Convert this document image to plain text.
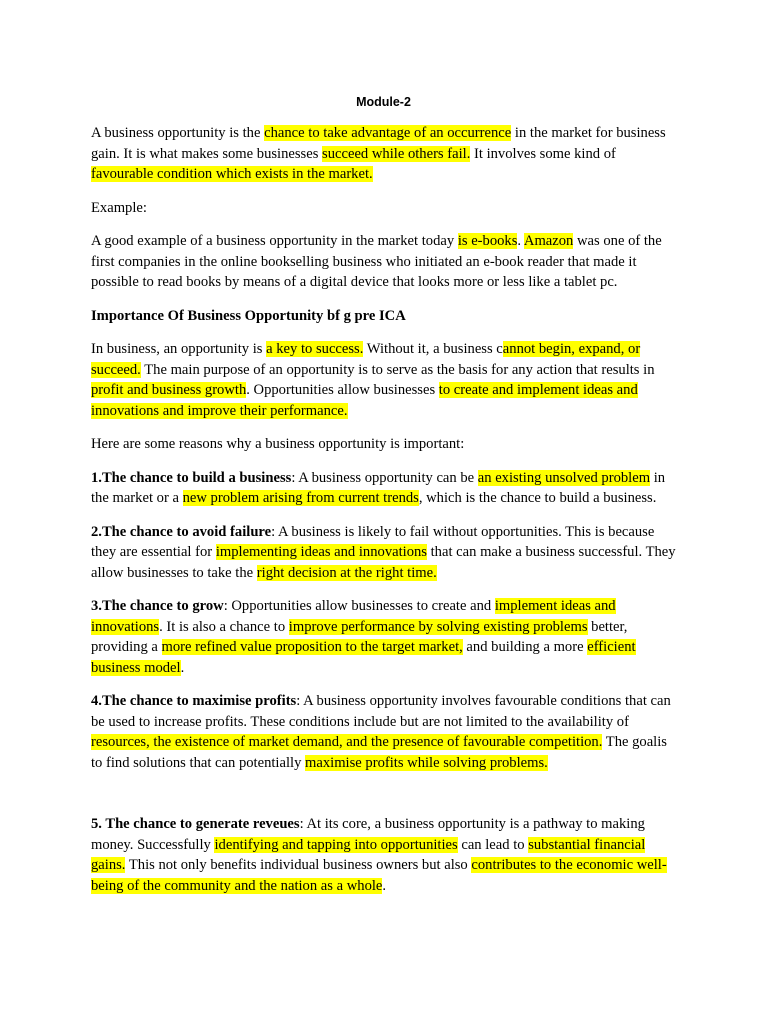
Module-2

A business opportunity is the chance to take advantage of an occurrence in the market for business gain. It is what makes some businesses succeed while others fail. It involves some kind of favourable condition which exists in the market.

Example:

A good example of a business opportunity in the market today is e-books. Amazon was one of the first companies in the online bookselling business who initiated an e-book reader that made it possible to read books by means of a digital device that looks more or less like a tablet pc.

Importance Of Business Opportunity bf g pre ICA

In business, an opportunity is a key to success. Without it, a business cannot begin, expand, or succeed. The main purpose of an opportunity is to serve as the basis for any action that results in profit and business growth. Opportunities allow businesses to create and implement ideas and innovations and improve their performance.

Here are some reasons why a business opportunity is important:

1.The chance to build a business: A business opportunity can be an existing unsolved problem in the market or a new problem arising from current trends, which is the chance to build a business.

2.The chance to avoid failure: A business is likely to fail without opportunities. This is because they are essential for implementing ideas and innovations that can make a business successful. They allow businesses to take the right decision at the right time.

3.The chance to grow: Opportunities allow businesses to create and implement ideas and innovations. It is also a chance to improve performance by solving existing problems better, providing a more refined value proposition to the target market, and building a more efficient business model.

4.The chance to maximise profits: A business opportunity involves favourable conditions that can be used to increase profits. These conditions include but are not limited to the availability of resources, the existence of market demand, and the presence of favourable competition. The goalis to find solutions that can potentially maximise profits while solving problems.

5. The chance to generate reveues: At its core, a business opportunity is a pathway to making money. Successfully identifying and tapping into opportunities can lead to substantial financial gains. This not only benefits individual business owners but also contributes to the economic well-being of the community and the nation as a whole.
